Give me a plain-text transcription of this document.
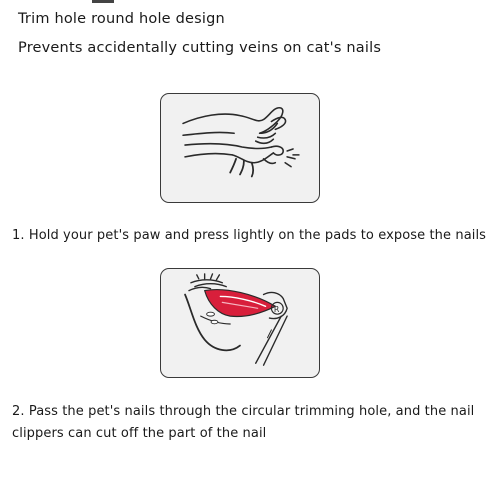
Trim hole round hole design
Prevents accidentally cutting veins on cat's nails
1. Hold your pet's paw and press lightly on the pads to expose the nails
R
2. Pass the pet's nails through the circular trimming hole, and the nail clippers can cut off the part of the nail
